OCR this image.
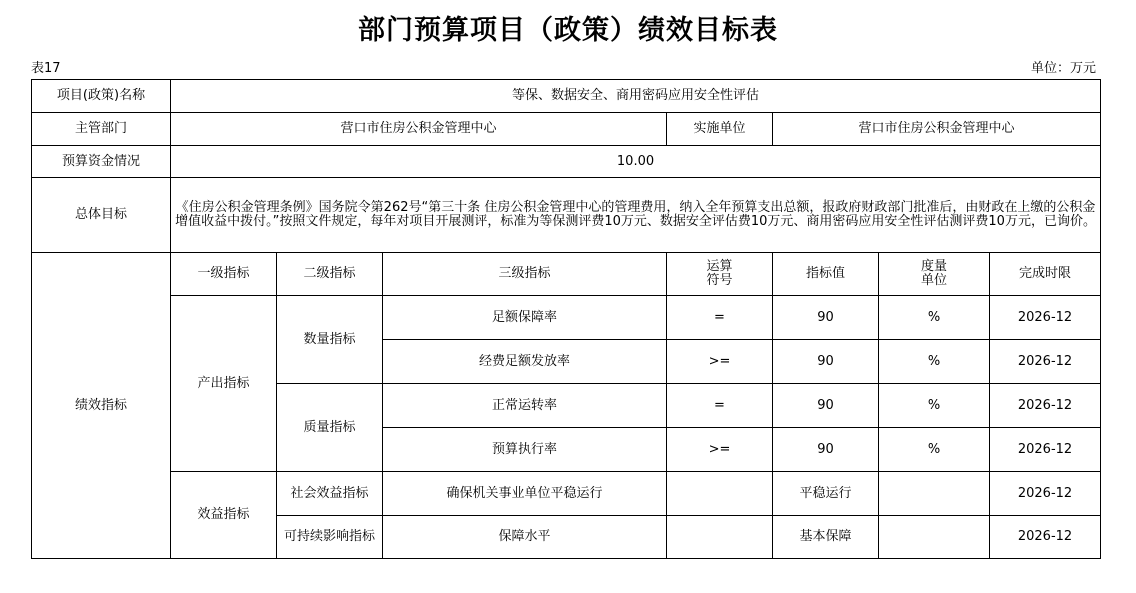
部门预算项目（政策）绩效目标表
表17	单位：万元
项目(政策)名称	等保、数据安全、商用密码应用安全性评估						
主管部门	营口市住房公积金管理中心			实施单位	营口市住房公积金管理中心		
预算资金情况	10.00						
总体目标	《住房公积金管理条例》国务院令第262号“第三十条 住房公积金管理中心的管理费用，纳入全年预算支出总额，报政府财政部门批准后，由财政在上缴的公积金增值收益中拨付。”按照文件规定，每年对项目开展测评，标准为等保测评费10万元、数据安全评估费10万元、商用密码应用安全性评估测评费10万元，已询价。						
绩效指标	一级指标	二级指标	三级指标	运算符号	指标值	度量单位	完成时限
	产出指标	数量指标	足额保障率	=	90	%	2026-12
			经费足额发放率	>=	90	%	2026-12
		质量指标	正常运转率	=	90	%	2026-12
			预算执行率	>=	90	%	2026-12
	效益指标	社会效益指标	确保机关事业单位平稳运行		平稳运行		2026-12
		可持续影响指标	保障水平		基本保障		2026-12
